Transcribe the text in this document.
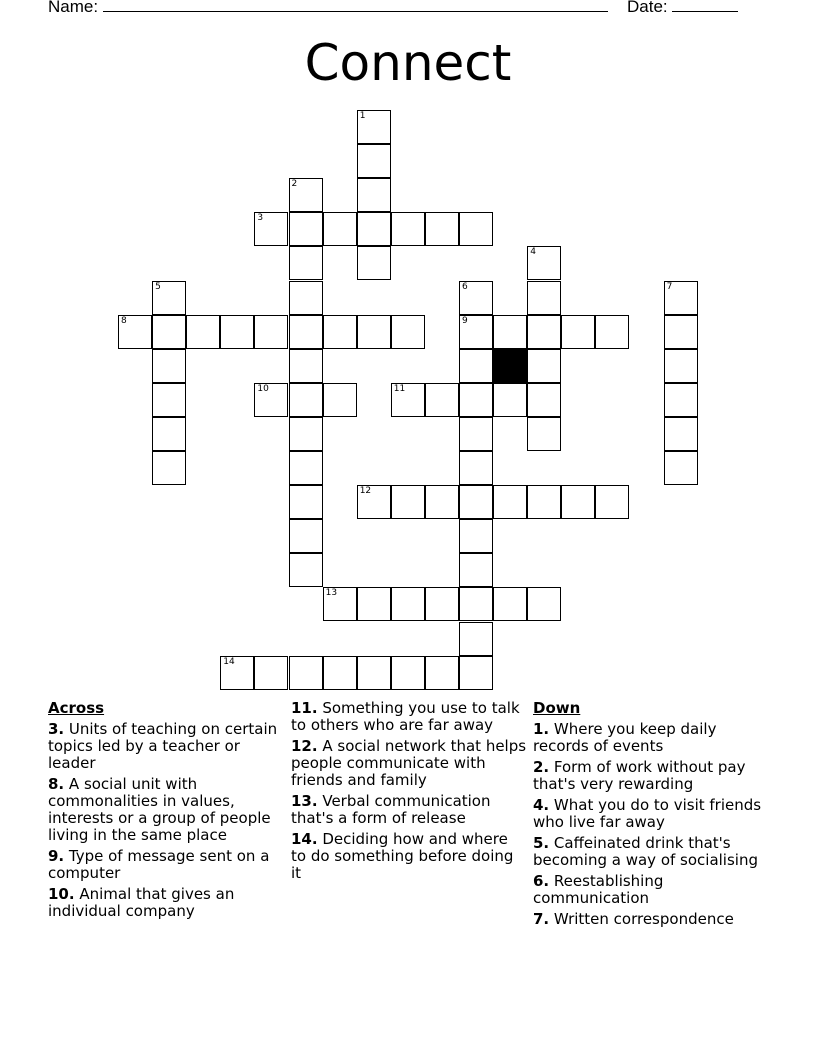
Name:	Date:
Connect
1
2
3
4
5	6
9
7
8
10	11
12
13
14
Across
3. Units of teaching on certain topics led by a teacher or leader
8. A social unit with commonalities in values, interests or a group of people living in the same place
9. Type of message sent on a computer
10. Animal that gives an individual company
11. Something you use to talk to others who are far away
12. A social network that helps people communicate with friends and family
13. Verbal communication that's a form of release
14. Deciding how and where to do something before doing it
Down
1. Where you keep daily records of events
2. Form of work without pay that's very rewarding
4. What you do to visit friends who live far away
5. Caffeinated drink that's becoming a way of socialising
6. Reestablishing communication
7. Written correspondence
